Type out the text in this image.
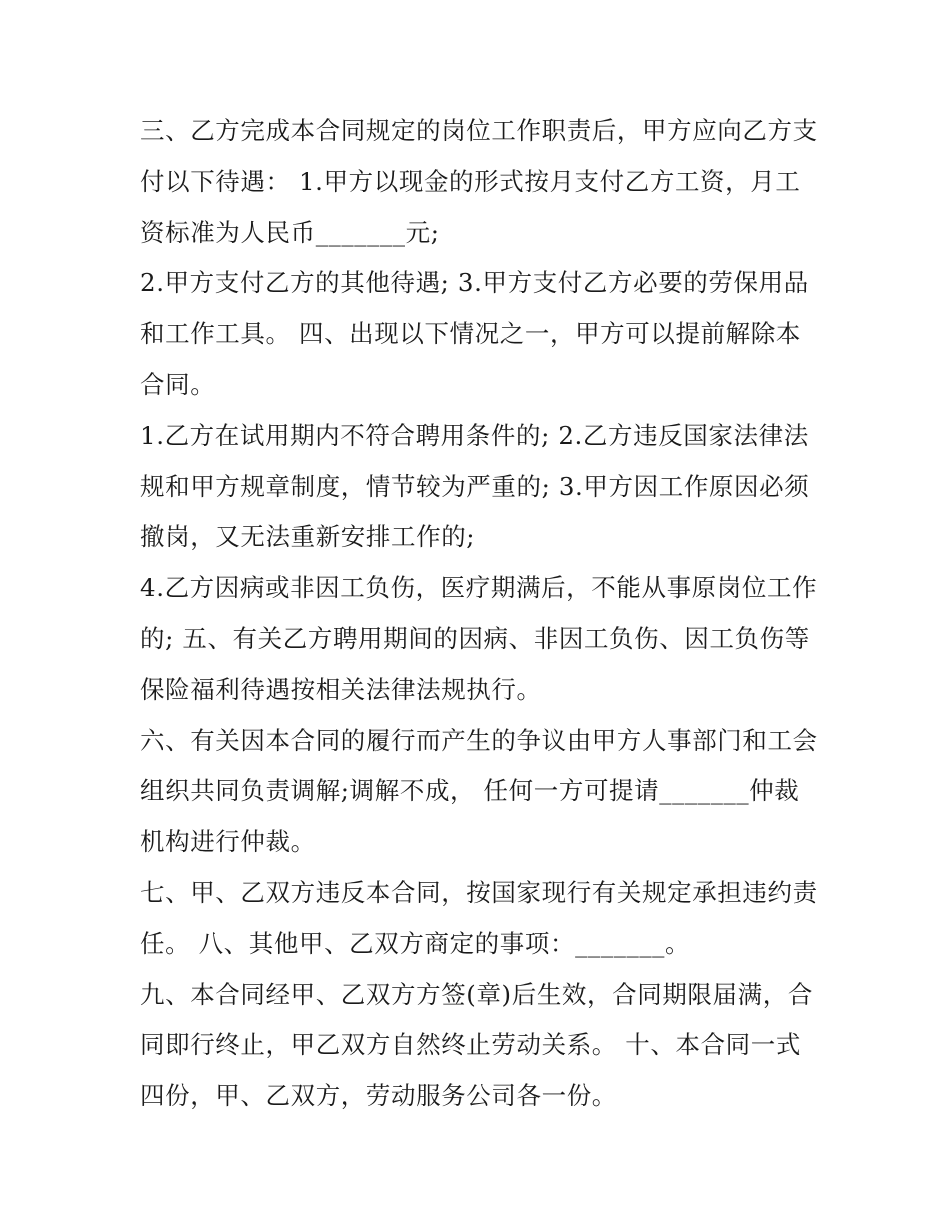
三、乙方完成本合同规定的岗位工作职责后，甲方应向乙方支付以下待遇： 1.甲方以现金的形式按月支付乙方工资，月工资标准为人民币_______元;

2.甲方支付乙方的其他待遇; 3.甲方支付乙方必要的劳保用品和工作工具。 四、出现以下情况之一，甲方可以提前解除本合同。

1.乙方在试用期内不符合聘用条件的; 2.乙方违反国家法律法规和甲方规章制度，情节较为严重的; 3.甲方因工作原因必须撤岗，又无法重新安排工作的;

4.乙方因病或非因工负伤，医疗期满后，不能从事原岗位工作的; 五、有关乙方聘用期间的因病、非因工负伤、因工负伤等保险福利待遇按相关法律法规执行。

六、有关因本合同的履行而产生的争议由甲方人事部门和工会组织共同负责调解;调解不成， 任何一方可提请_______仲裁机构进行仲裁。

七、甲、乙双方违反本合同，按国家现行有关规定承担违约责任。 八、其他甲、乙双方商定的事项：_______。

九、本合同经甲、乙双方方签(章)后生效，合同期限届满，合同即行终止，甲乙双方自然终止劳动关系。 十、本合同一式四份，甲、乙双方，劳动服务公司各一份。
